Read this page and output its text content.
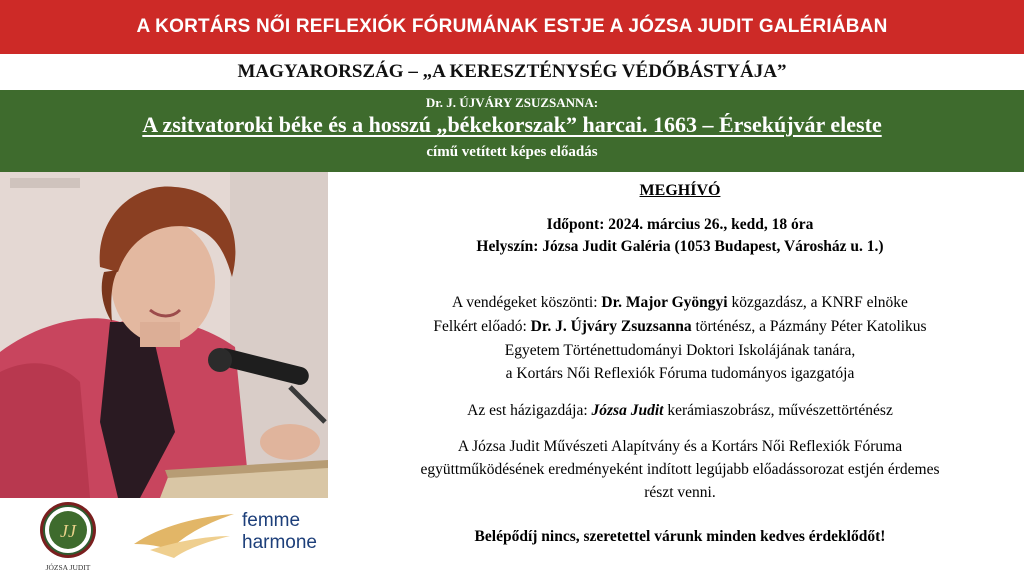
A KORTÁRS NŐI REFLEXIÓK FÓRUMÁNAK ESTJE A JÓZSA JUDIT GALÉRIÁBAN
MAGYARORSZÁG – „A KERESZTÉNYSÉG VÉDŐBÁSTYÁJA”
Dr. J. ÚJVÁRY ZSUZSANNA:
A zsitvatoroki béke és a hosszú „békekorszak” harcai. 1663 – Érsekújvár eleste
című vetített képes előadás
MEGHÍVÓ
Időpont: 2024. március 26., kedd, 18 óra
Helyszín: Józsa Judit Galéria (1053 Budapest, Városház u. 1.)
A vendégeket köszönti: Dr. Major Gyöngyi közgazdász, a KNRF elnöke
Felkért előadó: Dr. J. Újváry Zsuzsanna történész, a Pázmány Péter Katolikus
Egyetem Történettudományi Doktori Iskolájának tanára,
a Kortárs Női Reflexiók Fóruma tudományos igazgatója
Az est házigazdája: Józsa Judit kerámiaszobrász, művészettörténész
A Józsa Judit Művészeti Alapítvány és a Kortárs Női Reflexiók Fóruma
együttműködésének eredményeként indított legújabb előadássorozat estjén érdemes
részt venni.
Belépődíj nincs, szeretettel várunk minden kedves érdeklődőt!
JJ
JÓZSA JUDIT
femme
harmone
